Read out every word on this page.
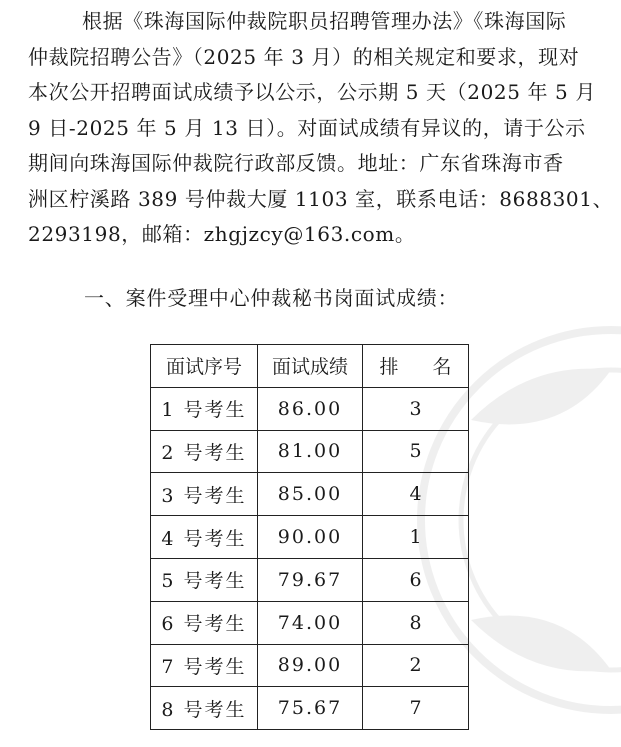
根据《珠海国际仲裁院职员招聘管理办法》《珠海国际
仲裁院招聘公告》（2025 年 3 月）的相关规定和要求，现对
本次公开招聘面试成绩予以公示，公示期 5 天（2025 年 5 月
9 日-2025 年 5 月 13 日）。对面试成绩有异议的，请于公示
期间向珠海国际仲裁院行政部反馈。地址：广东省珠海市香
洲区柠溪路 389 号仲裁大厦 1103 室，联系电话：8688301、
2293198，邮箱：zhgjzcy@163.com。
一、案件受理中心仲裁秘书岗面试成绩：
面试序号	面试成绩	排 名
1 号考生	86.00	3
2 号考生	81.00	5
3 号考生	85.00	4
4 号考生	90.00	1
5 号考生	79.67	6
6 号考生	74.00	8
7 号考生	89.00	2
8 号考生	75.67	7
